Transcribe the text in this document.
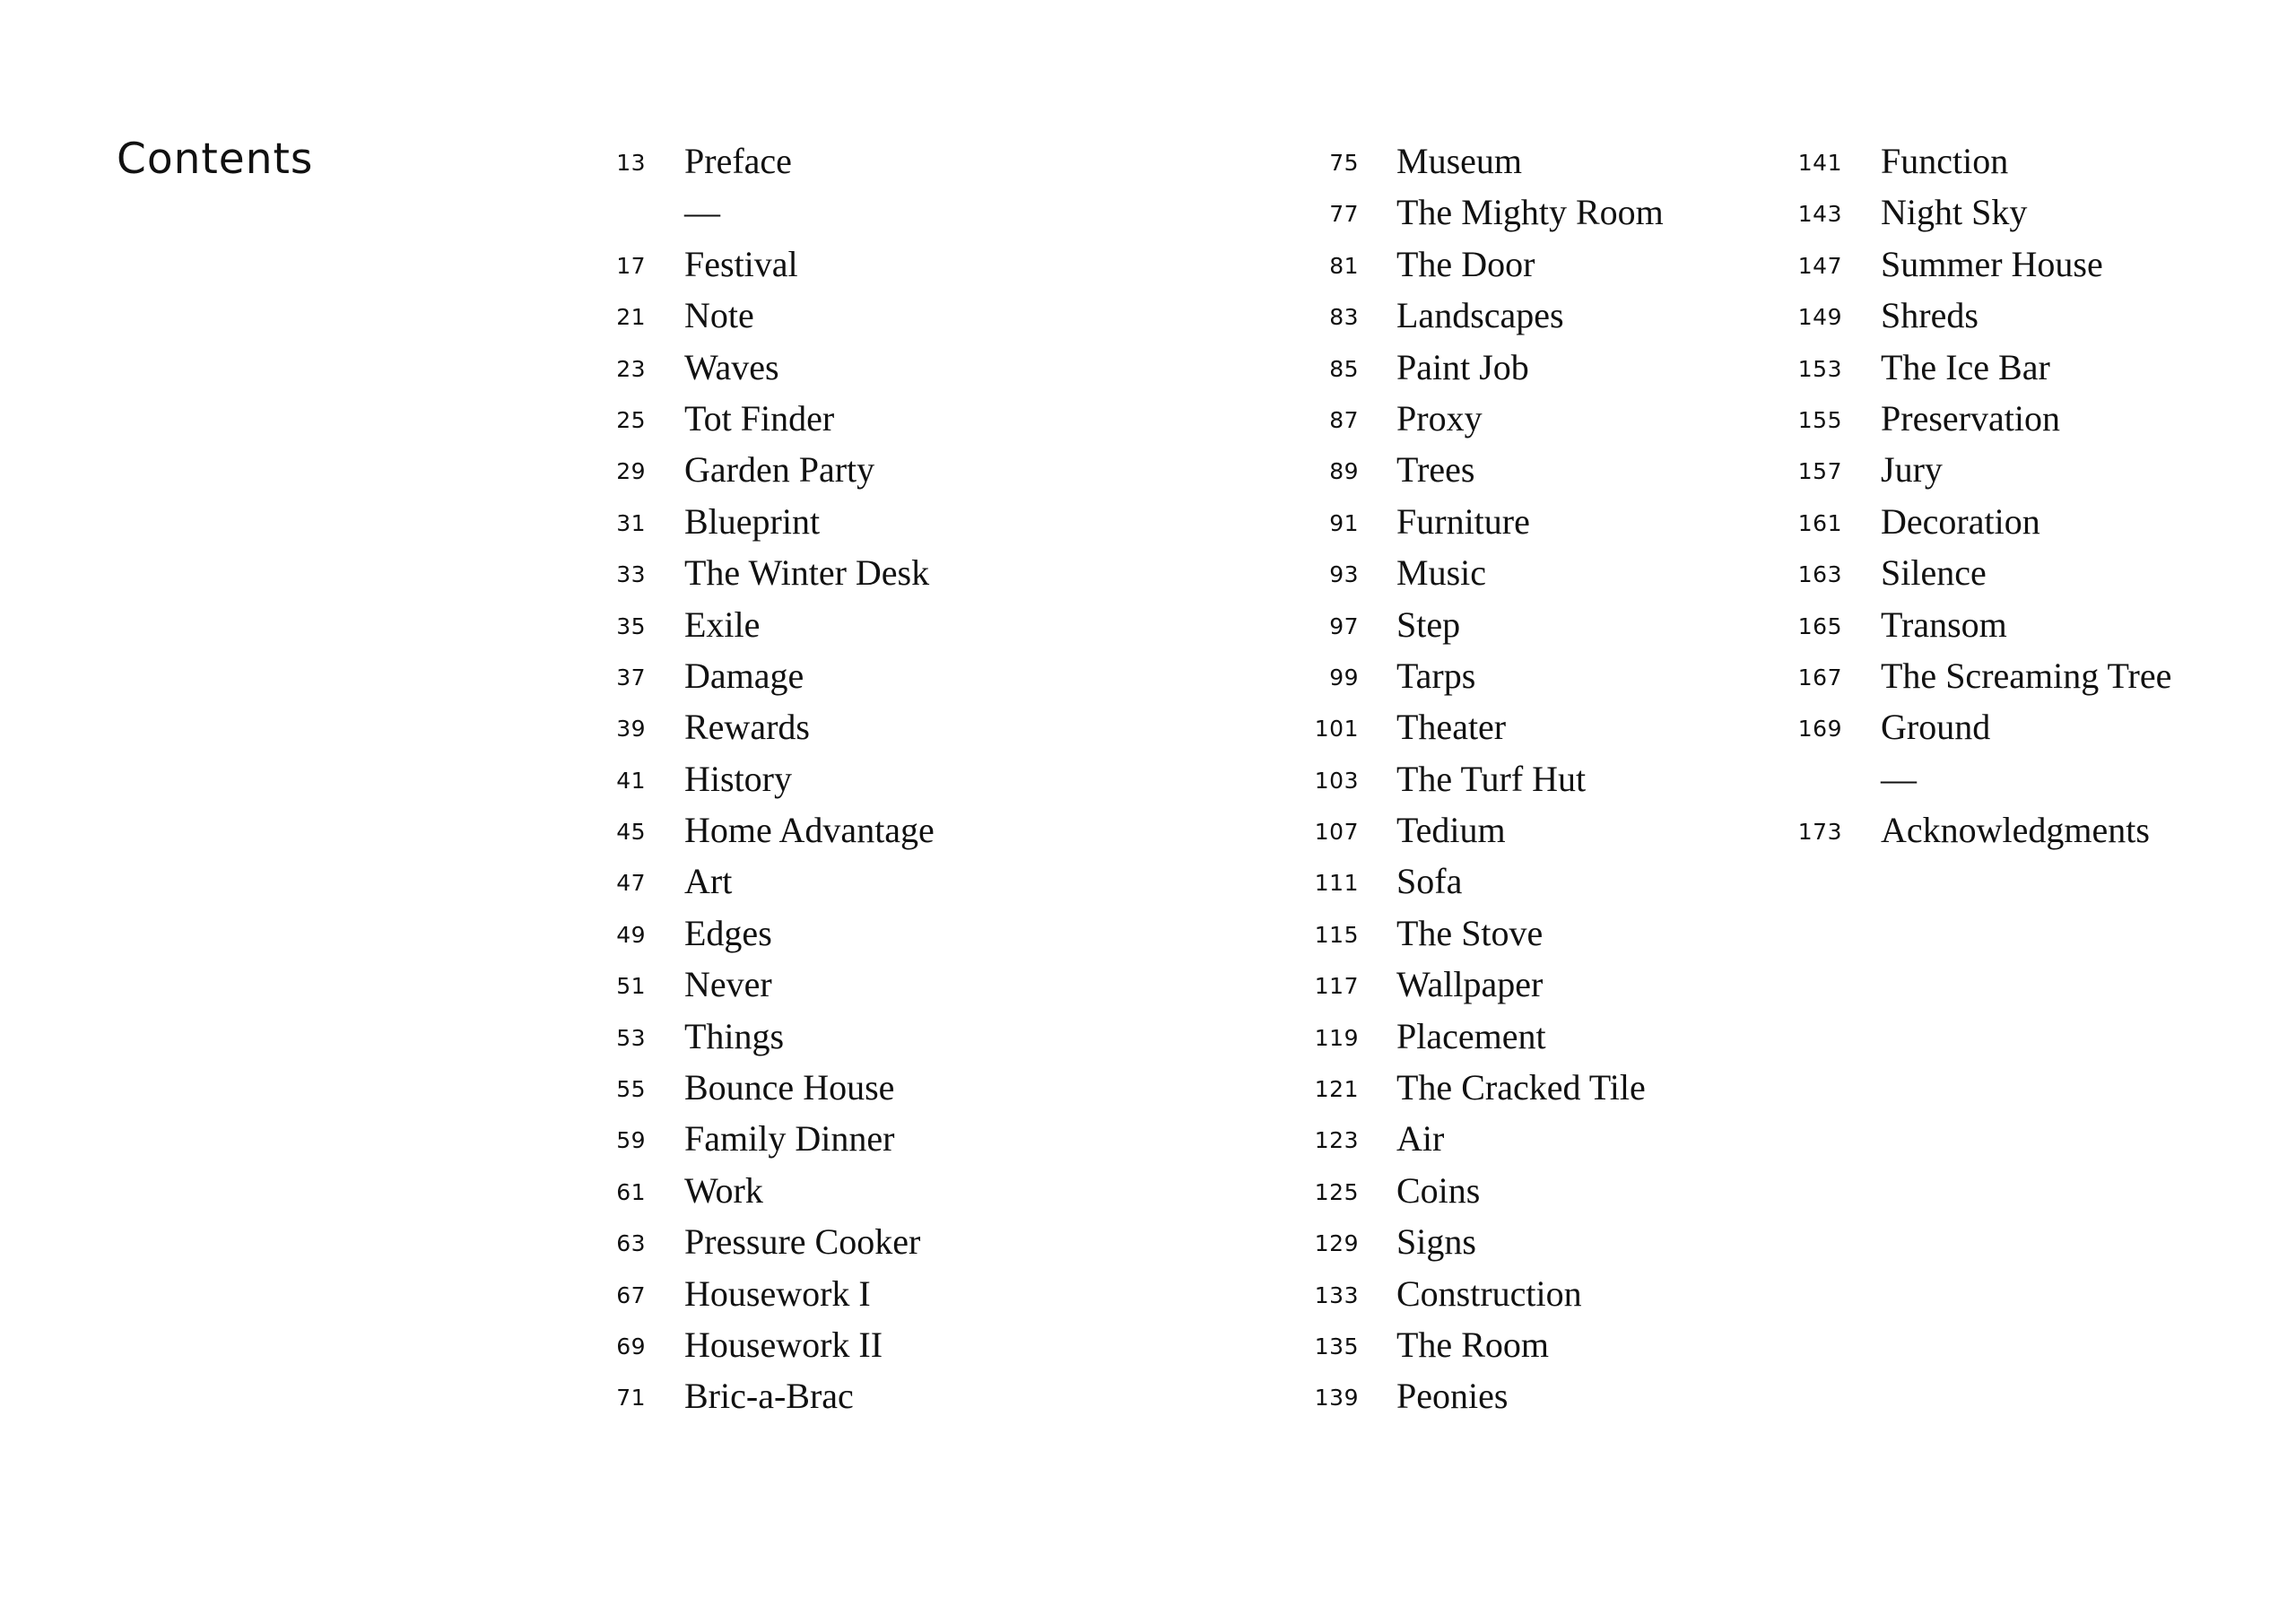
Contents	13 Preface
—
17 Festival
21 Note
23 Waves
25 Tot Finder
29 Garden Party
31 Blueprint
33 The Winter Desk
35 Exile
37 Damage
39 Rewards
41 History
45 Home Advantage
47 Art
49 Edges
51 Never
53 Things
55 Bounce House
59 Family Dinner
61 Work
63 Pressure Cooker
67 Housework I
69 Housework II
71 Bric-a-Brac
75 Museum
77 The Mighty Room
81 The Door
83 Landscapes
85 Paint Job
87 Proxy
89 Trees
91 Furniture
93 Music
97 Step
99 Tarps
101 Theater
103 The Turf Hut
107 Tedium
111 Sofa
115 The Stove
117 Wallpaper
119 Placement
121 The Cracked Tile
123 Air
125 Coins
129 Signs
133 Construction
135 The Room
139 Peonies
141 Function
143 Night Sky
147 Summer House
149 Shreds
153 The Ice Bar
155 Preservation
157 Jury
161 Decoration
163 Silence
165 Transom
167 The Screaming Tree
169 Ground
—
173 Acknowledgments
